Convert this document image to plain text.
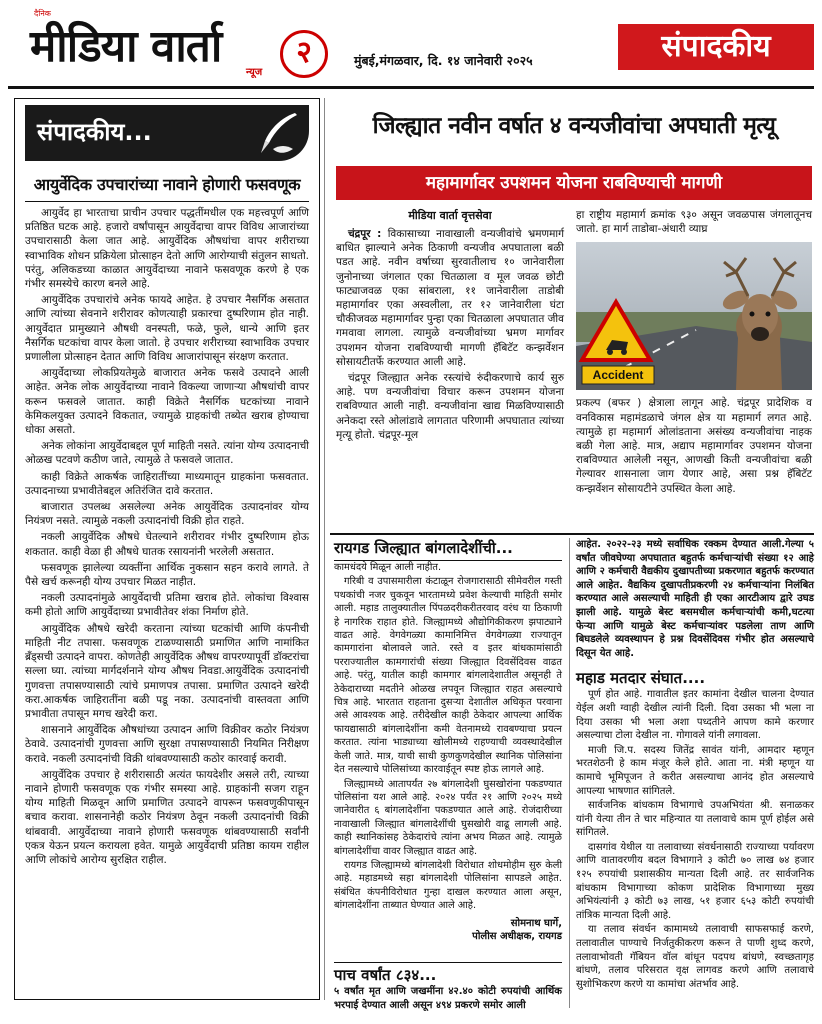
दैनिक
मीडिया वार्ता
न्यूज
२	मुंबई,मंगळवार, दि. १४ जानेवारी २०२५	संपादकीय
संपादकीय...
आयुर्वेदिक उपचारांच्या नावाने होणारी फसवणूक

आयुर्वेद हा भारताचा प्राचीन उपचार पद्धतींमधील एक महत्त्वपूर्ण आणि प्रतिष्ठित घटक आहे. हजारो वर्षांपासून आयुर्वेदाचा वापर विविध आजारांच्या उपचारासाठी केला जात आहे. आयुर्वेदिक औषधांचा वापर शरीराच्या स्वाभाविक शोधन प्रक्रियेला प्रोत्साहन देतो आणि आरोग्याची संतुलन साधतो. परंतु, अलिकडच्या काळात आयुर्वेदाच्या नावाने फसवणूक करणे हे एक गंभीर समस्येचे कारण बनले आहे.

आयुर्वेदिक उपचारांचे अनेक फायदे आहेत. हे उपचार नैसर्गिक असतात आणि त्यांच्या सेवनाने शरीरावर कोणत्याही प्रकारचा दुष्परिणाम होत नाही. आयुर्वेदात प्रामुख्याने औषधी वनस्पती, फळे, फुले, धान्ये आणि इतर नैसर्गिक घटकांचा वापर केला जातो. हे उपचार शरीराच्या स्वाभाविक उपचार प्रणालीला प्रोत्साहन देतात आणि विविध आजारांपासून संरक्षण करतात.

आयुर्वेदाच्या लोकप्रियतेमुळे बाजारात अनेक फसवे उत्पादने आली आहेत. अनेक लोक आयुर्वेदाच्या नावाने विकल्या जाणाऱ्या औषधांची वापर करून फसवले जातात. काही विक्रेते नैसर्गिक घटकांच्या नावाने केमिकलयुक्त उत्पादने विकतात, ज्यामुळे ग्राहकांची तब्येत खराब होण्याचा धोका असतो.

अनेक लोकांना आयुर्वेदाबद्दल पूर्ण माहिती नसते. त्यांना योग्य उत्पादनाची ओळख पटवणे कठीण जाते, त्यामुळे ते फसवले जातात.

काही विक्रेते आकर्षक जाहिरातींच्या माध्यमातून ग्राहकांना फसवतात. उत्पादनाच्या प्रभावीतेबद्दल अतिरंजित दावे करतात.

बाजारात उपलब्ध असलेल्या अनेक आयुर्वेदिक उत्पादनांवर योग्य नियंत्रण नसते. त्यामुळे नकली उत्पादनांची विक्री होत राहते.

नकली आयुर्वेदिक औषधे घेतल्याने शरीरावर गंभीर दुष्परिणाम होऊ शकतात. काही वेळा ही औषधे घातक रसायनांनी भरलेली असतात.

फसवणूक झालेल्या व्यक्तींना आर्थिक नुकसान सहन करावे लागते. ते पैसे खर्च करूनही योग्य उपचार मिळत नाहीत.

नकली उत्पादनांमुळे आयुर्वेदाची प्रतिमा खराब होते. लोकांचा विश्वास कमी होतो आणि आयुर्वेदाच्या प्रभावीतेवर शंका निर्माण होते.

आयुर्वेदिक औषधे खरेदी करताना त्यांच्या घटकांची आणि कंपनीची माहिती नीट तपासा. फसवणूक टाळण्यासाठी प्रमाणित आणि नामांकित ब्रँड्सची उत्पादने वापरा. कोणतेही आयुर्वेदिक औषध वापरण्यापूर्वी डॉक्टरांचा सल्ला घ्या. त्यांच्या मार्गदर्शनाने योग्य औषध निवडा.आयुर्वेदिक उत्पादनांची गुणवत्ता तपासण्यासाठी त्यांचे प्रमाणपत्र तपासा. प्रमाणित उत्पादने खरेदी करा.आकर्षक जाहिरातींना बळी पडू नका. उत्पादनांची वास्तवता आणि प्रभावीता तपासून मगच खरेदी करा.

शासनाने आयुर्वेदिक औषधांच्या उत्पादन आणि विक्रीवर कठोर नियंत्रण ठेवावे. उत्पादनांची गुणवत्ता आणि सुरक्षा तपासण्यासाठी नियमित निरीक्षण करावे. नकली उत्पादनांची विक्री थांबवण्यासाठी कठोर कारवाई करावी.

आयुर्वेदिक उपचार हे शरीरासाठी अत्यंत फायदेशीर असले तरी, त्याच्या नावाने होणारी फसवणूक एक गंभीर समस्या आहे. ग्राहकांनी सजग राहून योग्य माहिती मिळवून आणि प्रमाणित उत्पादने वापरून फसवणुकीपासून बचाव करावा. शासनानेही कठोर नियंत्रण ठेवून नकली उत्पादनांची विक्री थांबवावी. आयुर्वेदाच्या नावाने होणारी फसवणूक थांबवण्यासाठी सर्वांनी एकत्र येऊन प्रयत्न करायला हवेत. यामुळे आयुर्वेदाची प्रतिष्ठा कायम राहील आणि लोकांचे आरोग्य सुरक्षित राहील.

जिल्ह्यात नवीन वर्षात ४ वन्यजीवांचा अपघाती मृत्यू
महामार्गावर उपशमन योजना राबविण्याची मागणी
मीडिया वार्ता वृत्तसेवा

चंद्रपूर : विकासाच्या नावाखाली वन्यजीवांचे भ्रमणमार्ग बाधित झाल्याने अनेक ठिकाणी वन्यजीव अपघाताला बळी पडत आहे. नवीन वर्षाच्या सुरवातीलाच १० जानेवारीला जुनोनाच्या जंगलात एका चितळाला व मूल जवळ छोटी फाट्याजवळ एका सांबराला, ११ जानेवारीला ताडोबी महामार्गावर एका अस्वलीला, तर १२ जानेवारीला घंटा चौकीजवळ महामार्गावर पुन्हा एका चितळाला अपघातात जीव गमवावा लागला. त्यामुळे वन्यजीवांच्या भ्रमण मार्गावर उपशमन योजना राबविण्याची मागणी हॅबिटॅट कन्झर्वेशन सोसायटीतर्फे करण्यात आली आहे.

चंद्रपूर जिल्ह्यात अनेक रस्त्यांचे रुंदीकरणाचे कार्य सुरु आहे. पण वन्यजीवांचा विचार करून उपशमन योजना राबविण्यात आली नाही. वन्यजीवांना खाद्य मिळविण्यासाठी अनेकदा रस्ते ओलांडावे लागतात परिणामी अपघातात त्यांच्या मृत्यू होतो. चंद्रपूर-मूल

हा राष्ट्रीय महामार्ग क्रमांक ९३० असून जवळपास जंगलातूनच जातो. हा मार्ग ताडोबा-अंधारी व्याघ्र

Accident

प्रकल्प (बफर ) क्षेत्राला लागून आहे. चंद्रपूर प्रादेशिक व वनविकास महामंडळाचे जंगल क्षेत्र या महामार्ग लगत आहे. त्यामुळे हा महामार्ग ओलांडताना असंख्य वन्यजीवांचा नाहक बळी गेला आहे. मात्र, अद्याप महामार्गावर उपशमन योजना राबविण्यात आलेली नसून, आणखी किती वन्यजीवांचा बळी गेल्यावर शासनाला जाग येणार आहे, असा प्रश्न हॅबिटॅट कन्झर्वेशन सोसायटीने उपस्थित केला आहे.

रायगड जिल्ह्यात बांगलादेशींची...

कामधंदये मिळून आली नाहीत.

गरिबी व उपासमारीला कंटाळून रोजगारासाठी सीमेवरील गस्ती पथकांची नजर चुकवून भारतामध्ये प्रवेश केल्याची माहिती समोर आली. महाड तालुक्यातील पिंपळदरीकरीतरवाद वरंध या ठिकाणी हे नागरिक राहात होते. जिल्ह्यामध्ये औद्योगिकीकरण झपाट्याने वाढत आहे. वेगवेगळ्या कामानिमित्त वेगवेगळ्या राज्यातून कामगारांना बोलावले जाते. रस्ते व इतर बांधकामांसाठी परराज्यातील कामगारांची संख्या जिल्ह्यात दिवसेंदिवस वाढत आहे. परंतु, यातील काही कामगार बांगलादेशातील असूनही ते ठेकेदाराच्या मदतीने ओळख लपवून जिल्ह्यात राहत असल्याचे चित्र आहे. भारतात राहताना दुसऱ्या देशातील अधिकृत परवाना असे आवश्यक आहे. तरीदेखील काही ठेकेदार आपल्या आर्थिक फायद्यासाठी बांगलादेशींना कमी वेतनामध्ये रावबण्याचा प्रयत्न करतात. त्यांना भाड्याच्या खोलीमध्ये राहण्याची व्यवस्थादेखील केली जाते. मात्र, याची साधी कुणकुणदेखील स्थानिक पोलिसांना देत नसल्याचे पोलिसांच्या कारवाईतून स्पष्ट होऊ लागले आहे.

जिल्ह्यामध्ये आतापर्यंत २७ बांगलादेशी घुसखोरांना पकडण्यात पोलिसांना यश आले आहे. २०२४ पर्यंत २१ आणि २०२५ मध्ये जानेवारीत ६ बांगलादेशींना पकडण्यात आले आहे. रोजंदारीच्या नावाखाली जिल्ह्यात बांगलादेशींची घुसखोरी वाढू लागली आहे. काही स्थानिकांसह ठेकेदारांचे त्यांना अभय मिळत आहे. त्यामुळे बांगलादेशींचा वावर जिल्ह्यात वाढत आहे.

रायगड जिल्ह्यामध्ये बांगलादेशी विरोधात शोधमोहीम सुरु केली आहे. महाडमध्ये सहा बांगलादेशी पोलिसांना सापडले आहेत. संबंधित कंपनीविरोधात गुन्हा दाखल करण्यात आला असून, बांगलादेशींना ताब्यात घेण्यात आले आहे.

सोमनाथ घार्गे,
पोलीस अधीक्षक, रायगड
आहेत. २०२२-२३ मध्ये सर्वाधिक रक्कम देण्यात आली.गेल्या ५ वर्षांत जीवघेण्या अपघातात बहुतर्फ कर्मचाऱ्यांची संख्या १२ आहे आणि २ कर्मचारी वैद्यकीय दुखापतीच्या प्रकरणात बहुतर्फ करण्यात आले आहेत. वैद्यकिय दुखापतीप्रकरणी २४ कर्मचाऱ्यांना निलंबित करण्यात आले असल्याची माहिती ही एका आरटीआय द्वारे उघड झाली आहे. यामुळे बेस्ट बसमधील कर्मचाऱ्यांची कमी,घटत्या फेऱ्या आणि यामुळे बेस्ट कर्मचाऱ्यांवर पडलेला ताण आणि बिघडलेले व्यवस्थापन हे प्रश्न दिवसेंदिवस गंभीर होत असल्याचे दिसून येत आहे.
महाड मतदार संघात....

पूर्ण होत आहे. गावातील इतर कामांना देखील चालना देण्यात येईल अशी ग्वाही देखील त्यांनी दिली. दिवा उसका भी भला ना दिया उसका भी भला अशा पध्दतीने आपण कामे करणार असल्याचा टोला देखील ना. गोगावले यांनी लगावला.

माजी जि.प. सदस्य जितेंद्र सावंत यांनी, आमदार म्हणून भरतशेठनी हे काम मंजूर केले होते. आता ना. मंत्री म्हणून या कामाचे भूमिपूजन ते करीत असल्याचा आनंद होत असल्याचे आपल्या भाषणात सांगितले.

सार्वजनिक बांधकाम विभागाचे उपअभियंता श्री. सनाळकर यांनी येत्या तीन ते चार महिन्यात या तलावाचे काम पूर्ण होईल असे सांगितले.

दासगांव येथील या तलावाच्या संवर्धनासाठी राज्याच्या पर्यावरण आणि वातावरणीय बदल विभागाने ३ कोटी ७० लाख ७४ हजार १२५ रुपयांची प्रशासकीय मान्यता दिली आहे. तर सार्वजनिक बांधकाम विभागाच्या कोकण प्रादेशिक विभागाच्या मुख्य अभियंत्यांनी ३ कोटी ७३ लाख, ५१ हजार ६५३ कोटी रुपयांची तांत्रिक मान्यता दिली आहे.

या तलाव संवर्धन कामामध्ये तलावाची साफसफाई करणे, तलावातील पाण्याचे निर्जतुकीकरण करून ते पाणी शुध्द करणे, तलावाभोवती गॅबियन वॉल बांधून पदपथ बांधणे, स्वच्छतागृह बांधणे, तलाव परिसरात वृक्ष लागवड करणे आणि तलावाचे सुशोभिकरण करणे या कामांचा अंतर्भाव आहे.

पाच वर्षांत ८३४...

५ वर्षांत मृत आणि जखमींना ४२.४० कोटी रुपयांची आर्थिक भरपाई देण्यात आली असून ४९४ प्रकरणे समोर आली
